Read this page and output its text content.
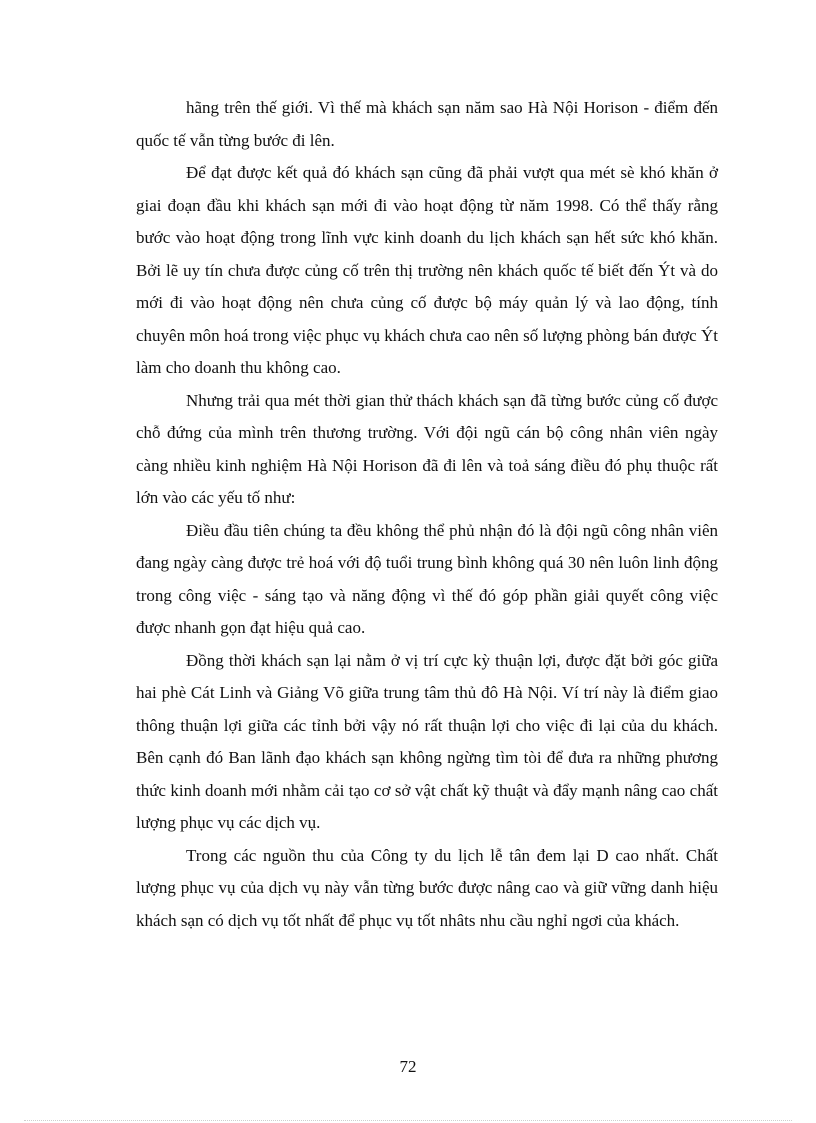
hãng trên thế giới. Vì thế mà khách sạn năm sao Hà Nội Horison - điểm đến quốc tế vẫn từng bước đi lên.

Để đạt được kết quả đó khách sạn cũng đã phải vượt qua mét sè khó khăn ở giai đoạn đầu khi khách sạn mới đi vào hoạt động từ năm 1998. Có thể thấy rằng bước vào hoạt động trong lĩnh vực kinh doanh du lịch khách sạn hết sức khó khăn. Bởi lẽ uy tín chưa được củng cố trên thị trường nên khách quốc tế biết đến Ýt và do mới đi vào hoạt động nên chưa củng cố được bộ máy quản lý và lao động, tính chuyên môn hoá trong việc phục vụ khách chưa cao nên số lượng phòng bán được Ýt làm cho doanh thu không cao.

Nhưng trải qua mét thời gian thử thách khách sạn đã từng bước củng cố được chỗ đứng của mình trên thương trường. Với đội ngũ cán bộ công nhân viên ngày càng nhiều kinh nghiệm Hà Nội Horison đã đi lên và toả sáng điều đó phụ thuộc rất lớn vào các yếu tố như:

Điều đầu tiên chúng ta đều không thể phủ nhận đó là đội ngũ công nhân viên đang ngày càng được trẻ hoá với độ tuổi trung bình không quá 30 nên luôn linh động trong công việc - sáng tạo và năng động vì thế đó góp phần giải quyết công việc được nhanh gọn đạt hiệu quả cao.

Đồng thời khách sạn lại nằm ở vị trí cực kỳ thuận lợi, được đặt bởi góc giữa hai phè Cát Linh và Giảng Võ giữa trung tâm thủ đô Hà Nội. Ví trí này là điểm giao thông thuận lợi giữa các tỉnh bởi vậy nó rất thuận lợi cho việc đi lại của du khách. Bên cạnh đó Ban lãnh đạo khách sạn không ngừng tìm tòi để đưa ra những phương thức kinh doanh mới nhằm cải tạo cơ sở vật chất kỹ thuật và đẩy mạnh nâng cao chất lượng phục vụ các dịch vụ.

Trong các nguồn thu của Công ty du lịch lễ tân đem lại D cao nhất. Chất lượng phục vụ của dịch vụ này vẫn từng bước được nâng cao và giữ vững danh hiệu khách sạn có dịch vụ tốt nhất để phục vụ tốt nhâts nhu cầu nghỉ ngơi của khách.

72
